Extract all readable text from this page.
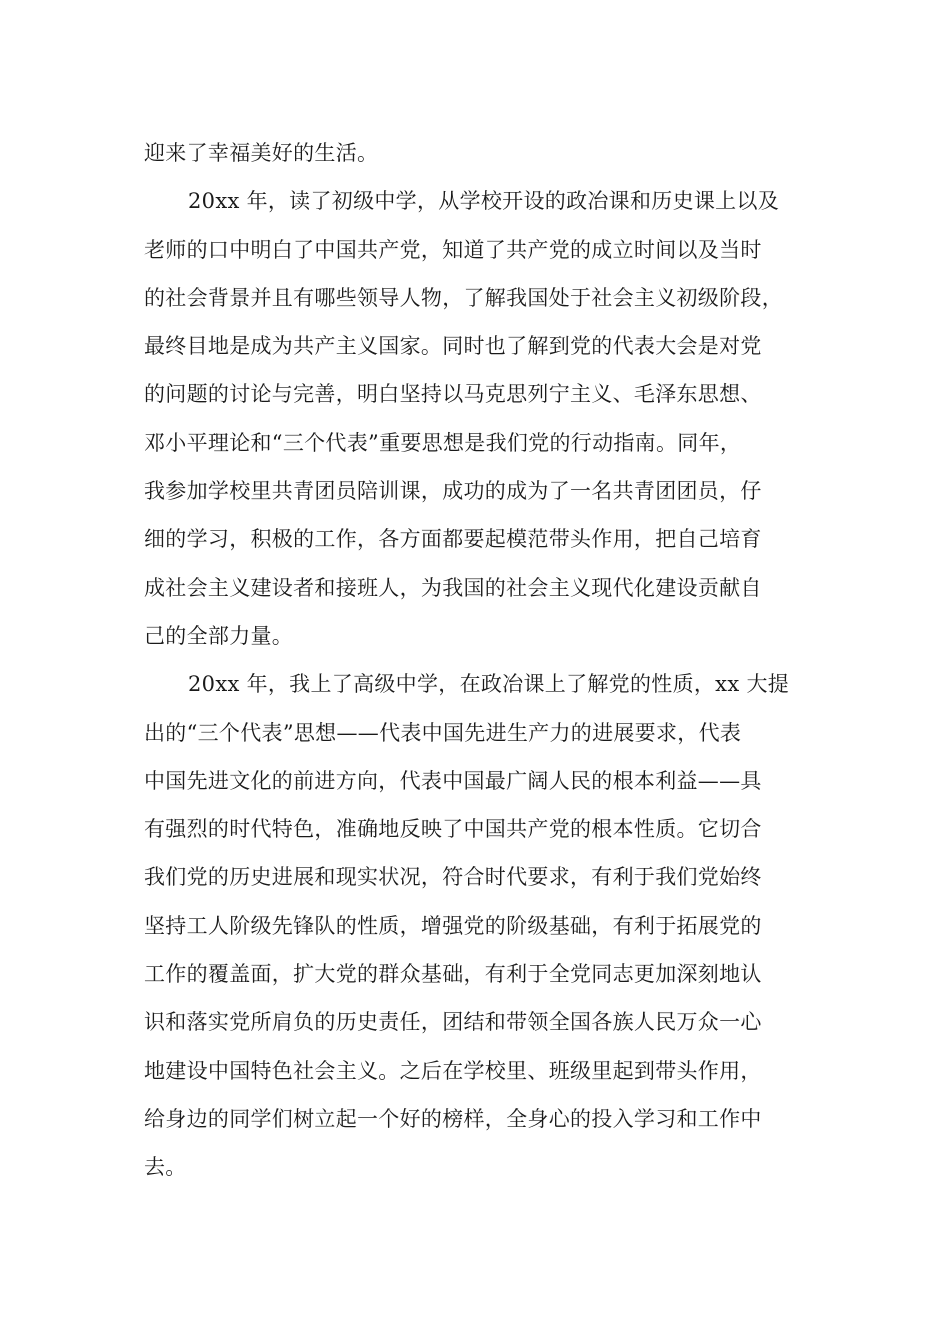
迎来了幸福美好的生活。
20xx 年，读了初级中学，从学校开设的政冶课和历史课上以及
老师的口中明白了中国共产党，知道了共产党的成立时间以及当时
的社会背景并且有哪些领导人物，了解我国处于社会主义初级阶段，
最终目地是成为共产主义国家。同时也了解到党的代表大会是对党
的问题的讨论与完善，明白坚持以马克思列宁主义、毛泽东思想、
邓小平理论和“三个代表”重要思想是我们党的行动指南。同年，
我参加学校里共青团员陪训课，成功的成为了一名共青团团员，仔
细的学习，积极的工作，各方面都要起模范带头作用，把自己培育
成社会主义建设者和接班人，为我国的社会主义现代化建设贡献自
己的全部力量。
20xx 年，我上了高级中学，在政冶课上了解党的性质，xx 大提
出的“三个代表”思想——代表中国先进生产力的进展要求，代表
中国先进文化的前进方向，代表中国最广阔人民的根本利益——具
有强烈的时代特色，准确地反映了中国共产党的根本性质。它切合
我们党的历史进展和现实状况，符合时代要求，有利于我们党始终
坚持工人阶级先锋队的性质，增强党的阶级基础，有利于拓展党的
工作的覆盖面，扩大党的群众基础，有利于全党同志更加深刻地认
识和落实党所肩负的历史责任，团结和带领全国各族人民万众一心
地建设中国特色社会主义。之后在学校里、班级里起到带头作用，
给身边的同学们树立起一个好的榜样，全身心的投入学习和工作中
去。
